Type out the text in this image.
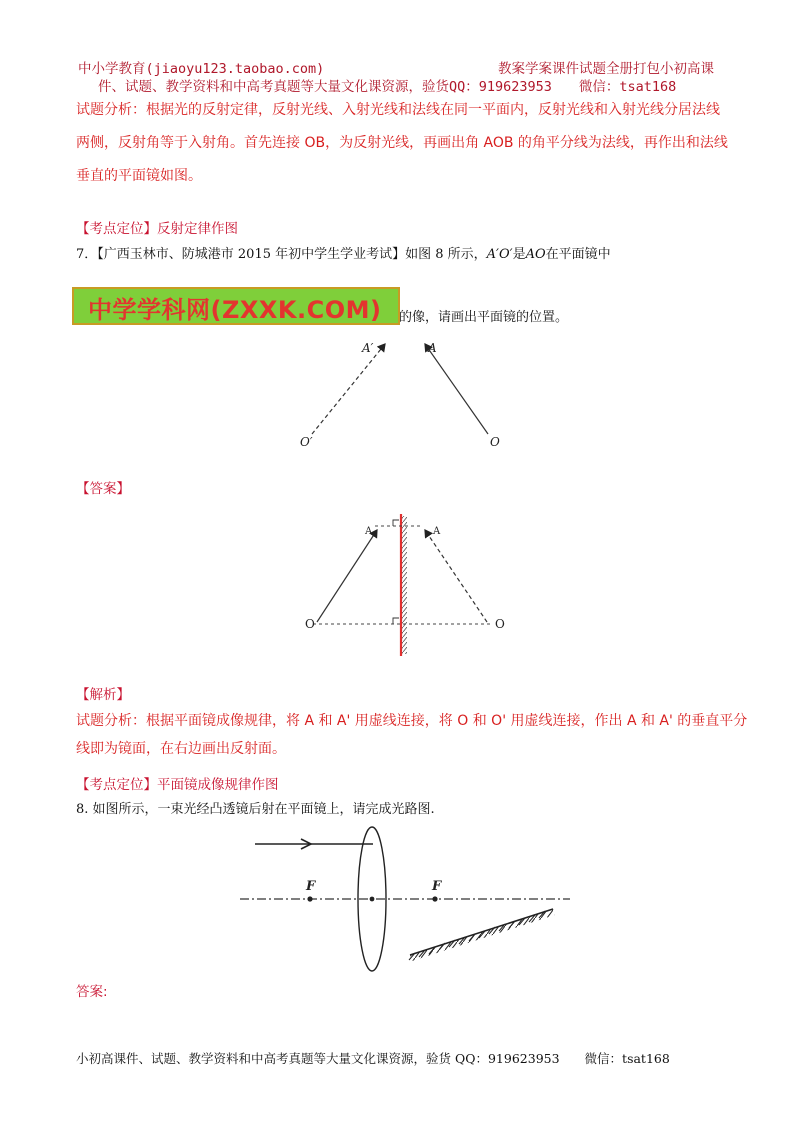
中小学教育(jiaoyu123.taobao.com)	教案学案课件试题全册打包小初高课
件、试题、教学资料和中高考真题等大量文化课资源，验货QQ：919623953　　微信：tsat168
试题分析：根据光的反射定律，反射光线、入射光线和法线在同一平面内，反射光线和入射光线分居法线
两侧，反射角等于入射角。首先连接 OB，为反射光线，再画出角 AOB 的角平分线为法线，再作出和法线
垂直的平面镜如图。
【考点定位】反射定律作图
7．【广西玉林市、防城港市 2015 年初中学生学业考试】如图 8 所示，A′O′是AO在平面镜中
中学学科网(ZXXK.COM) 的像，请画出平面镜的位置。
A′	A
O′	O
【答案】
A	A
O	O
【解析】
试题分析：根据平面镜成像规律，将 A 和 A' 用虚线连接，将 O 和 O' 用虚线连接，作出 A 和 A' 的垂直平分
线即为镜面，在右边画出反射面。
【考点定位】平面镜成像规律作图
8. 如图所示，一束光经凸透镜后射在平面镜上，请完成光路图.
F	F
答案:
小初高课件、试题、教学资料和中高考真题等大量文化课资源，验货 QQ：919623953　　微信：tsat168
